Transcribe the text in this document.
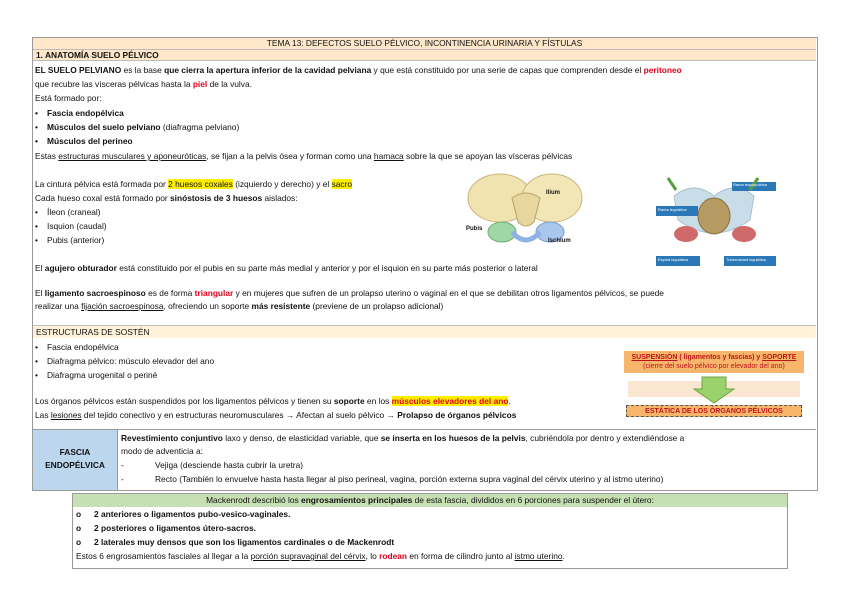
TEMA 13: DEFECTOS SUELO PÉLVICO, INCONTINENCIA URINARIA Y FÍSTULAS
1. ANATOMÍA SUELO PÉLVICO
EL SUELO PELVIANO es la base que cierra la apertura inferior de la cavidad pelviana y que está constituido por una serie de capas que comprenden desde el peritoneo
que recubre las vísceras pélvicas hasta la piel de la vulva.
Está formado por:
• Fascia endopélvica
• Músculos del suelo pelviano (diafragma pelviano)
• Músculos del perineo
Estas estructuras musculares y aponeuróticas, se fijan a la pelvis ósea y forman como una hamaca sobre la que se apoyan las vísceras pélvicas
La cintura pélvica está formada por 2 huesos coxales (izquierdo y derecho) y el sacro
Cada hueso coxal está formado por sinóstosis de 3 huesos aislados:
• Íleon (craneal)
• Isquion (caudal)
• Pubis (anterior)
Ilium
Pubis
Ischium
Rama isquiopúbica
Rama isquiática
Espina isquiática	Tuberosidad isquiática
El agujero obturador está constituido por el pubis en su parte más medial y anterior y por el isquion en su parte más posterior o lateral
El ligamento sacroespinoso es de forma triangular y en mujeres que sufren de un prolapso uterino o vaginal en el que se debilitan otros ligamentos pélvicos, se puede
realizar una fijación sacroespinosa, ofreciendo un soporte más resistente (previene de un prolapso adicional)
ESTRUCTURAS DE SOSTÉN
• Fascia endopélvica
• Diafragma pélvico: músculo elevador del ano
• Diafragma urogenital o periné
Los órganos pélvicos están suspendidos por los ligamentos pélvicos y tienen su soporte en los músculos elevadores del ano.
Las lesiones del tejido conectivo y en estructuras neuromusculares → Afectan al suelo pélvico → Prolapso de órganos pélvicos
SUSPENSIÓN ( ligamentos y fascias) y SOPORTE
(cierre del suelo pélvico por elevador del ano)
ESTÁTICA DE LOS ÓRGANOS PÉLVICOS
FASCIA
ENDOPÉLVICA
Revestimiento conjuntivo laxo y denso, de elasticidad variable, que se inserta en los huesos de la pelvis, cubriéndola por dentro y extendiéndose a
modo de adventicia a:
-	Vejiga (desciende hasta cubrir la uretra)
-	Recto (También lo envuelve hasta hasta llegar al piso perineal, vagina, porción externa supra vaginal del cérvix uterino y al istmo uterino)
Mackenrodt describió los engrosamientos principales de esta fascia, divididos en 6 porciones para suspender el útero:
o 2 anteriores o ligamentos pubo-vesico-vaginales.
o 2 posteriores o ligamentos útero-sacros.
o 2 laterales muy densos que son los ligamentos cardinales o de Mackenrodt
Estos 6 engrosamientos fasciales al llegar a la porción supravaginal del cérvix, lo rodean en forma de cilindro junto al istmo uterino.
